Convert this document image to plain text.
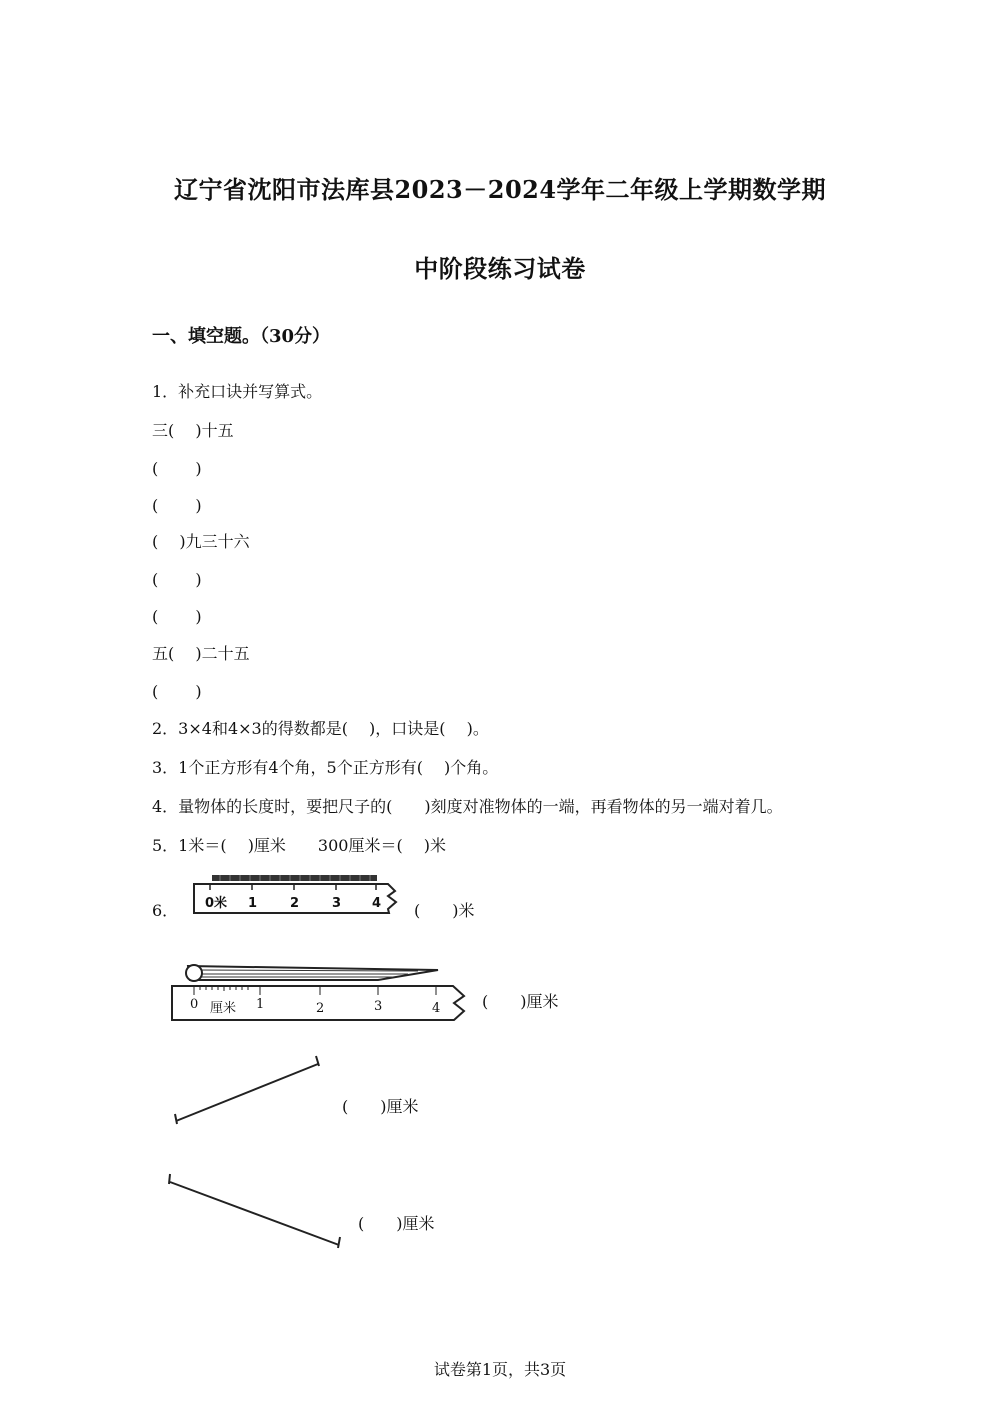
辽宁省沈阳市法库县2023－2024学年二年级上学期数学期
中阶段练习试卷
一、填空题。（30分）
1．补充口诀并写算式。
三(　 )十五
(　　 )
(　　 )
(　 )九三十六
(　　 )
(　　 )
五(　 )二十五
(　　 )
2．3×4和4×3的得数都是(　 )，口诀是(　 )。
3．1个正方形有4个角，5个正方形有(　 )个角。
4．量物体的长度时，要把尺子的(　　)刻度对准物体的一端，再看物体的另一端对着几。
5．1米＝(　 )厘米　　300厘米＝(　 )米
6． 0米 1	2	3 4 (　　)米
0 厘米 1	2	3	4	(　　)厘米
(　　)厘米
(　　)厘米
试卷第1页，共3页
